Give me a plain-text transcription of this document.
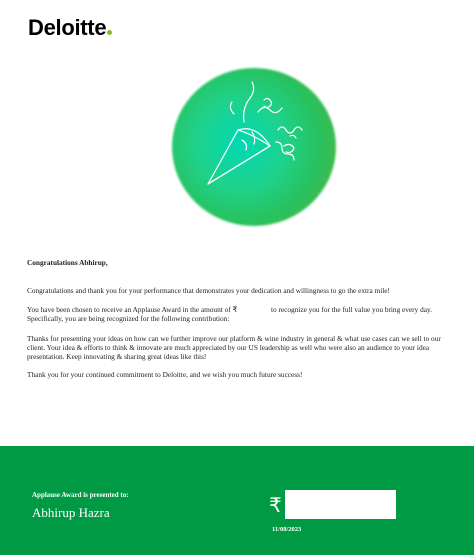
Deloitte

Congratulations Abhirup,

Congratulations and thank you for your performance that demonstrates your dedication and willingness to go the extra mile!

You have been chosen to receive an Applause Award in the amount of ₹	to recognize you for the full value you bring every day. Specifically, you are being recognized for the following contribution:

Thanks for presenting your ideas on how can we further improve our platform & wine industry in general & what use cases can we sell to our client. Your idea & efforts to think & innovate are much appreciated by our US leadership as well who were also an audience to your idea presentation. Keep innovating & sharing great ideas like this!

Thank you for your continued commitment to Deloitte, and we wish you much future success!

Applause Award is presented to:
Abhirup Hazra	₹
11/08/2023
